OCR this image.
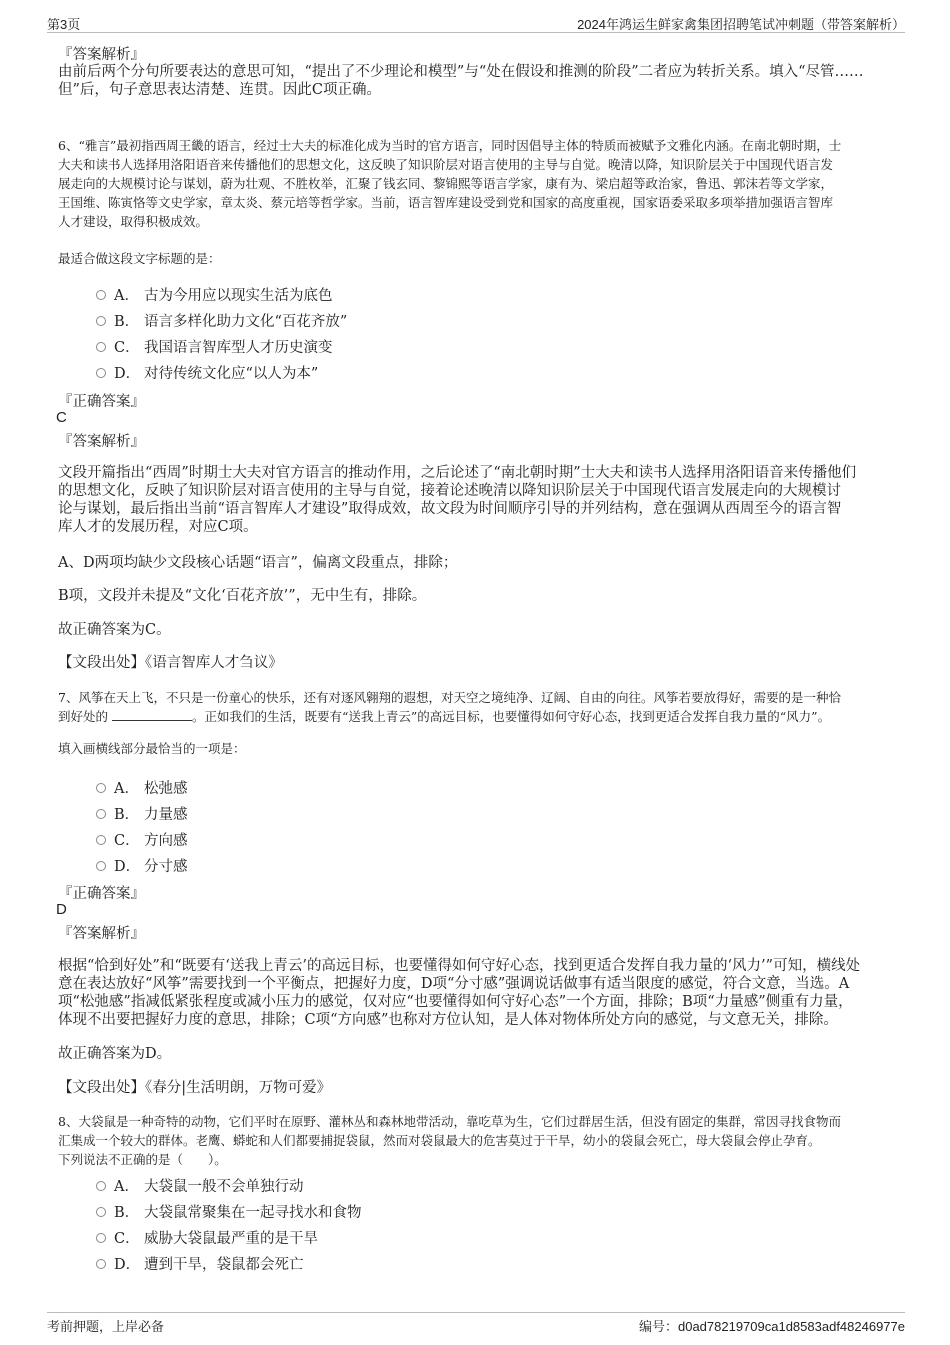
第3页	2024年鸿运生鲜家禽集团招聘笔试冲刺题（带答案解析）
『答案解析』
由前后两个分句所要表达的意思可知，“提出了不少理论和模型”与“处在假设和推测的阶段”二者应为转折关系。填入“尽管……
但”后，句子意思表达清楚、连贯。因此C项正确。
6、“雅言”最初指西周王畿的语言，经过士大夫的标准化成为当时的官方语言，同时因倡导主体的特质而被赋予文雅化内涵。在南北朝时期，士
大夫和读书人选择用洛阳语音来传播他们的思想文化，这反映了知识阶层对语言使用的主导与自觉。晚清以降，知识阶层关于中国现代语言发
展走向的大规模讨论与谋划，蔚为壮观、不胜枚举，汇聚了钱玄同、黎锦熙等语言学家，康有为、梁启超等政治家，鲁迅、郭沫若等文学家，
王国维、陈寅恪等文史学家，章太炎、蔡元培等哲学家。当前，语言智库建设受到党和国家的高度重视，国家语委采取多项举措加强语言智库
人才建设，取得积极成效。
最适合做这段文字标题的是：
A． 古为今用应以现实生活为底色
B． 语言多样化助力文化“百花齐放”
C． 我国语言智库型人才历史演变
D． 对待传统文化应“以人为本”
『正确答案』
C
『答案解析』
文段开篇指出“西周”时期士大夫对官方语言的推动作用，之后论述了“南北朝时期”士大夫和读书人选择用洛阳语音来传播他们
的思想文化，反映了知识阶层对语言使用的主导与自觉，接着论述晚清以降知识阶层关于中国现代语言发展走向的大规模讨
论与谋划，最后指出当前“语言智库人才建设”取得成效，故文段为时间顺序引导的并列结构，意在强调从西周至今的语言智
库人才的发展历程，对应C项。
A、D两项均缺少文段核心话题“语言”，偏离文段重点，排除；
B项，文段并未提及“文化‘百花齐放’”，无中生有，排除。
故正确答案为C。
【文段出处】《语言智库人才刍议》
7、风筝在天上飞，不只是一份童心的快乐，还有对逐风翱翔的遐想，对天空之境纯净、辽阔、自由的向往。风筝若要放得好，需要的是一种恰
到好处的	。正如我们的生活，既要有“送我上青云”的高远目标，也要懂得如何守好心态，找到更适合发挥自我力量的“风力”。
填入画横线部分最恰当的一项是：
A． 松弛感
B． 力量感
C． 方向感
D． 分寸感
『正确答案』
D
『答案解析』
根据“恰到好处”和“既要有‘送我上青云’的高远目标，也要懂得如何守好心态，找到更适合发挥自我力量的‘风力’”可知，横线处
意在表达放好“风筝”需要找到一个平衡点，把握好力度，D项“分寸感”强调说话做事有适当限度的感觉，符合文意，当选。A
项“松弛感”指减低紧张程度或减小压力的感觉，仅对应“也要懂得如何守好心态”一个方面，排除；B项“力量感”侧重有力量，
体现不出要把握好力度的意思，排除；C项“方向感”也称对方位认知，是人体对物体所处方向的感觉，与文意无关，排除。
故正确答案为D。
【文段出处】《春分|生活明朗，万物可爱》
8、大袋鼠是一种奇特的动物，它们平时在原野、灌林丛和森林地带活动，靠吃草为生，它们过群居生活，但没有固定的集群，常因寻找食物而
汇集成一个较大的群体。老鹰、蟒蛇和人们都要捕捉袋鼠，然而对袋鼠最大的危害莫过于干旱，幼小的袋鼠会死亡，母大袋鼠会停止孕育。
下列说法不正确的是（　　）。
A． 大袋鼠一般不会单独行动
B． 大袋鼠常聚集在一起寻找水和食物
C． 威胁大袋鼠最严重的是干旱
D． 遭到干旱，袋鼠都会死亡
考前押题，上岸必备	编号：d0ad78219709ca1d8583adf48246977e
